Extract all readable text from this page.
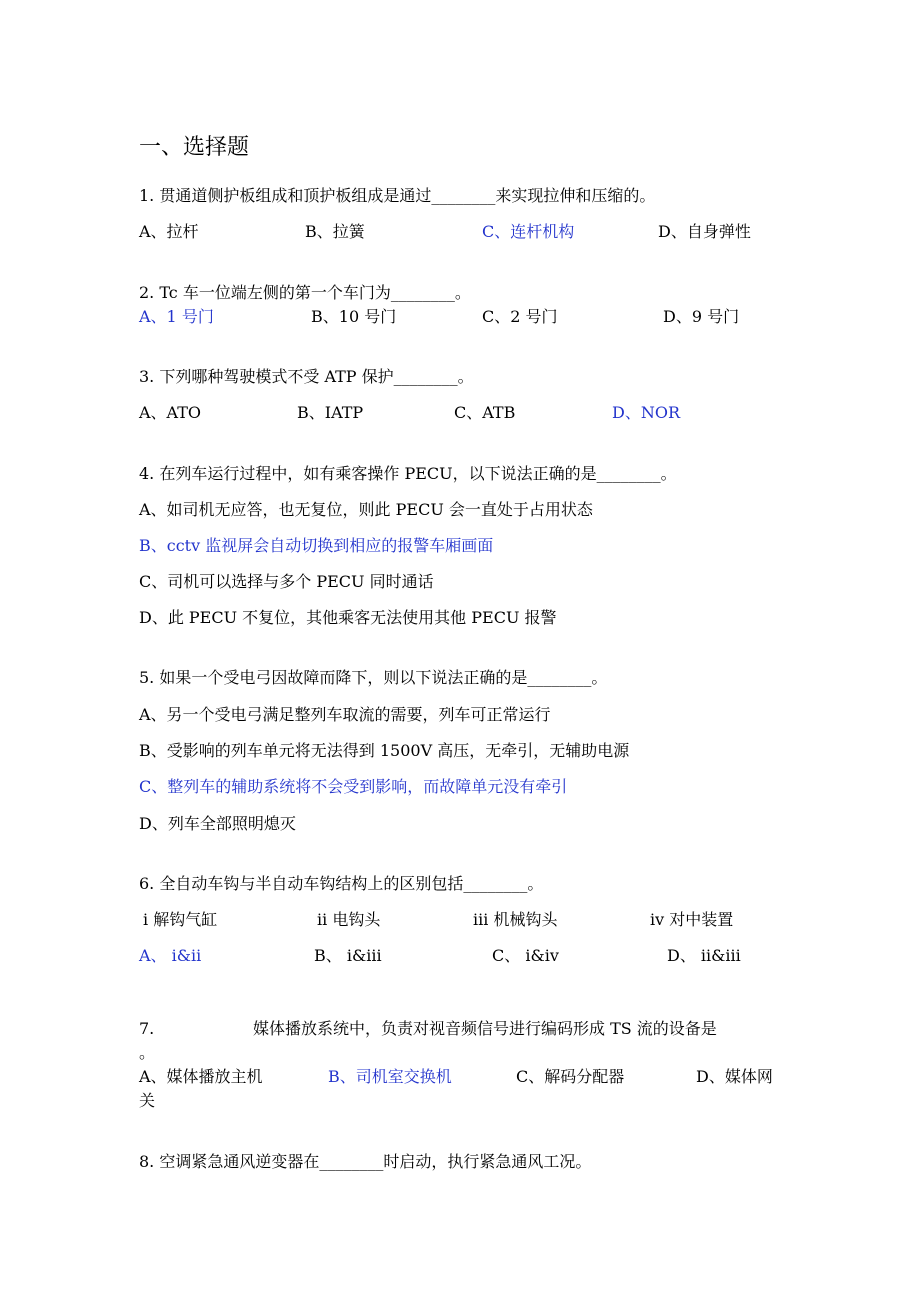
一、选择题
1. 贯通道侧护板组成和顶护板组成是通过________来实现拉伸和压缩的。
A、拉杆	B、拉簧	C、连杆机构	D、自身弹性
2. Tc 车一位端左侧的第一个车门为________。
A、1 号门	B、10 号门	C、2 号门	D、9 号门
3. 下列哪种驾驶模式不受 ATP 保护________。
A、ATO	B、IATP	C、ATB	D、NOR
4. 在列车运行过程中，如有乘客操作 PECU，以下说法正确的是________。
A、如司机无应答，也无复位，则此 PECU 会一直处于占用状态
B、cctv 监视屏会自动切换到相应的报警车厢画面
C、司机可以选择与多个 PECU 同时通话
D、此 PECU 不复位，其他乘客无法使用其他 PECU 报警
5. 如果一个受电弓因故障而降下，则以下说法正确的是________。
A、另一个受电弓满足整列车取流的需要，列车可正常运行
B、受影响的列车单元将无法得到 1500V 高压，无牵引，无辅助电源
C、整列车的辅助系统将不会受到影响，而故障单元没有牵引
D、列车全部照明熄灭
6. 全自动车钩与半自动车钩结构上的区别包括________。
ⅰ 解钩气缸	ⅱ 电钩头	ⅲ 机械钩头	ⅳ 对中装置
A、 ⅰ&ⅱ	B、 ⅰ&ⅲ	C、 ⅰ&ⅳ	D、 ⅱ&ⅲ
7.	媒体播放系统中，负责对视音频信号进行编码形成 TS 流的设备是
。
A、媒体播放主机	B、司机室交换机	C、解码分配器	D、媒体网
关
8. 空调紧急通风逆变器在________时启动，执行紧急通风工况。
